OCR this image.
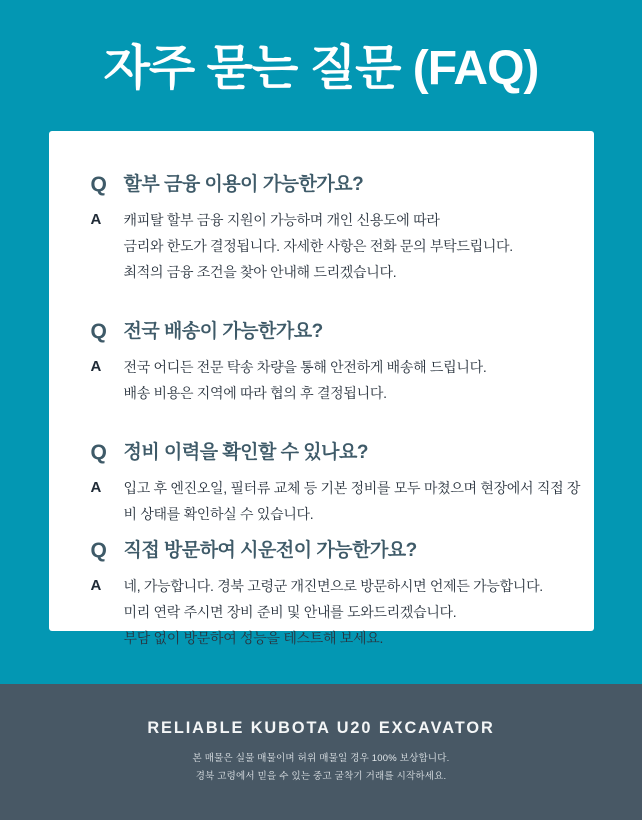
자주 묻는 질문 (FAQ)
Q 할부 금융 이용이 가능한가요?
A	캐피탈 할부 금융 지원이 가능하며 개인 신용도에 따라
금리와 한도가 결정됩니다. 자세한 사항은 전화 문의 부탁드립니다.
최적의 금융 조건을 찾아 안내해 드리겠습니다.
Q 전국 배송이 가능한가요?
A	전국 어디든 전문 탁송 차량을 통해 안전하게 배송해 드립니다.
배송 비용은 지역에 따라 협의 후 결정됩니다.
Q 정비 이력을 확인할 수 있나요?
A	입고 후 엔진오일, 필터류 교체 등 기본 정비를 모두 마쳤으며 현장에서 직접 장
비 상태를 확인하실 수 있습니다.
Q 직접 방문하여 시운전이 가능한가요?
A	네, 가능합니다. 경북 고령군 개진면으로 방문하시면 언제든 가능합니다.
미리 연락 주시면 장비 준비 및 안내를 도와드리겠습니다.
부담 없이 방문하여 성능을 테스트해 보세요.
RELIABLE KUBOTA U20 EXCAVATOR
본 매물은 실물 매물이며 허위 매물일 경우 100% 보상합니다.
경북 고령에서 믿을 수 있는 중고 굴착기 거래를 시작하세요.
